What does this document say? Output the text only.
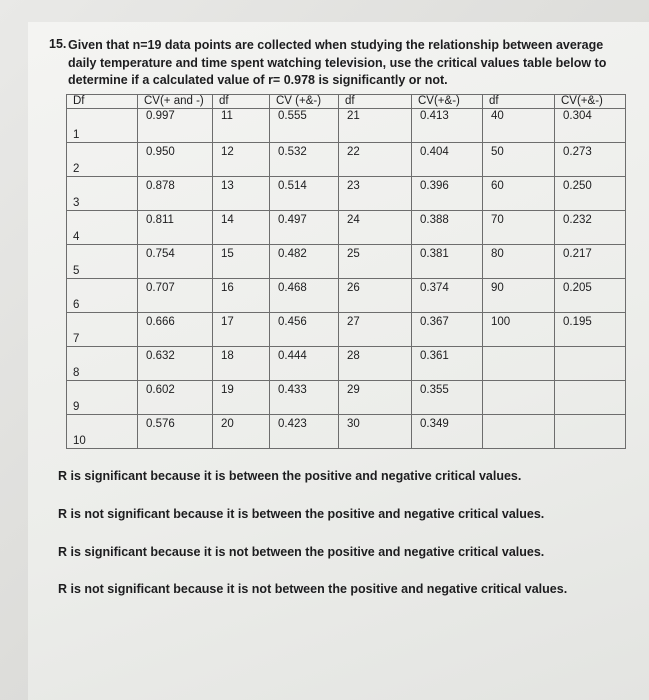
15. Given that n=19 data points are collected when studying the relationship between average
daily temperature and time spent watching television, use the critical values table below to
determine if a calculated value of r= 0.978 is significantly or not.
Df	CV(+ and -)	df	CV (+&-)	df	CV(+&-)	df	CV(+&-)

1	0.997	11	0.555	21	0.413	40	0.304

2	0.950	12	0.532	22	0.404	50	0.273

3	0.878	13	0.514	23	0.396	60	0.250

4	0.811	14	0.497	24	0.388	70	0.232

5	0.754	15	0.482	25	0.381	80	0.217

6	0.707	16	0.468	26	0.374	90	0.205

7	0.666	17	0.456	27	0.367	100	0.195

8	0.632	18	0.444	28	0.361		

9	0.602	19	0.433	29	0.355		

10	0.576	20	0.423	30	0.349		

R is significant because it is between the positive and negative critical values.
R is not significant because it is between the positive and negative critical values.
R is significant because it is not between the positive and negative critical values.
R is not significant because it is not between the positive and negative critical values.
